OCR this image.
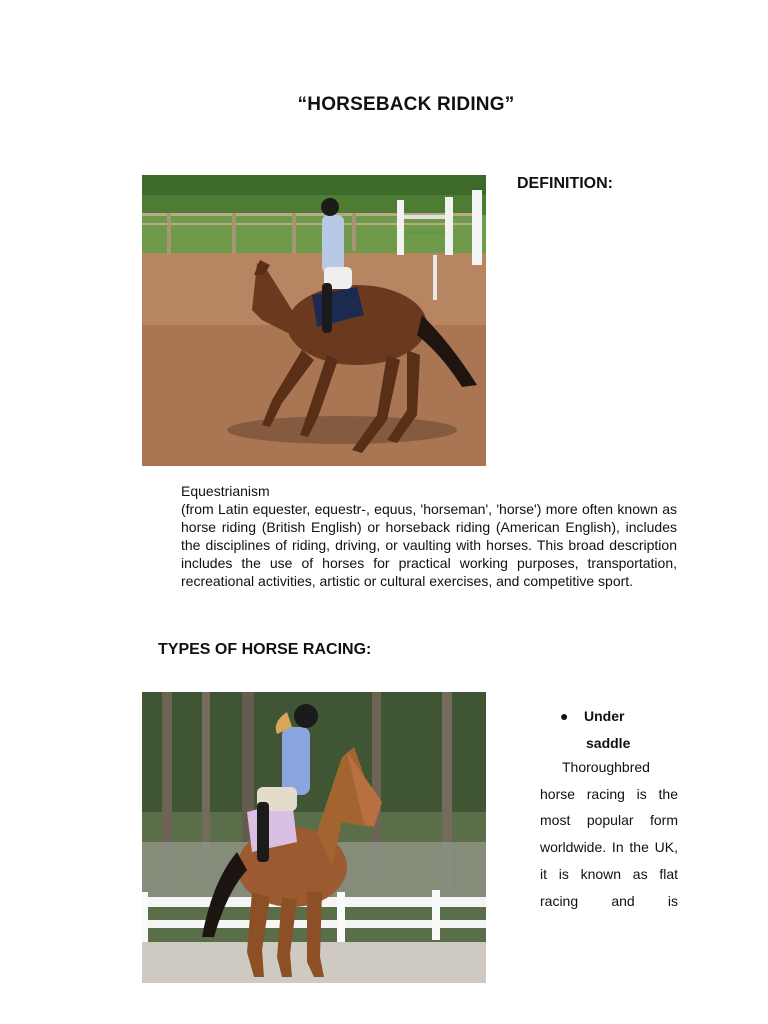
“HORSEBACK RIDING”
DEFINITION:
Equestrianism
(from Latin equester, equestr-, equus, 'horseman', 'horse') more often known as horse riding (British English) or horseback riding (American English), includes the disciplines of riding, driving, or vaulting with horses. This broad description includes the use of horses for practical working purposes, transportation, recreational activities, artistic or cultural exercises, and competitive sport.
TYPES OF HORSE RACING:
● Under
saddle
Thoroughbred
horse racing is the most popular form worldwide. In the UK, it is known as flat racing and is
